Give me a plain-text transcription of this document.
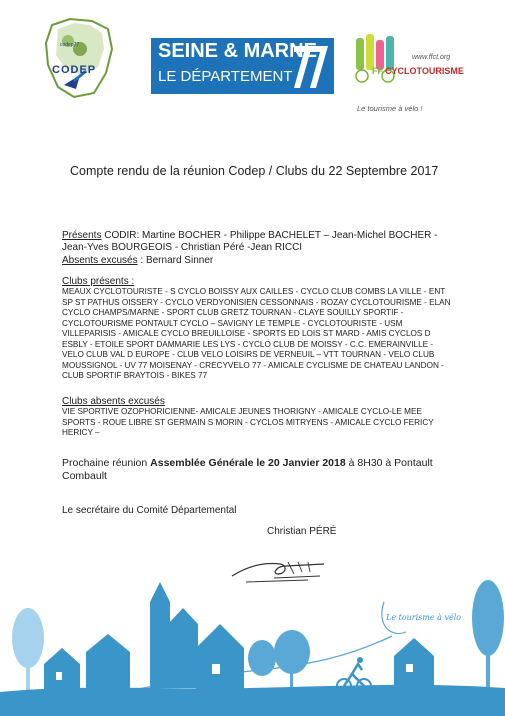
codep77
CODEP
SEINE & MARNE
LE DÉPARTEMENT
www.ffct.org
FF CYCLOTOURISME
Le tourisme à vélo !
Compte rendu de la réunion Codep / Clubs du 22 Septembre 2017
Présents CODIR: Martine BOCHER - Philippe BACHELET – Jean-Michel BOCHER - Jean-Yves BOURGEOIS - Christian Péré -Jean RICCI
Absents excusés : Bernard Sinner
Clubs présents :
MEAUX CYCLOTOURISTE - S CYCLO BOISSY AUX CAILLES - CYCLO CLUB COMBS LA VILLE - ENT SP ST PATHUS OISSERY - CYCLO VERDYONISIEN CESSONNAIS - ROZAY CYCLOTOURISME - ELAN CYCLO CHAMPS/MARNE - SPORT CLUB GRETZ TOURNAN - CLAYE SOUILLY SPORTIF - CYCLOTOURISME PONTAULT CYCLO – SAVIGNY LE TEMPLE - CYCLOTOURISTE - USM VILLEPARISIS - AMICALE CYCLO BREUILLOISE - SPORTS ED LOIS ST MARD - AMIS CYCLOS D ESBLY - ETOILE SPORT DAMMARIE LES LYS - CYCLO CLUB DE MOISSY - C.C. EMERAINVILLE - VELO CLUB VAL D EUROPE - CLUB VELO LOISIRS DE VERNEUIL – VTT TOURNAN - VELO CLUB MOUSSIGNOL - UV 77 MOISENAY - CRECYVELO 77 - AMICALE CYCLISME DE CHATEAU LANDON - CLUB SPORTIF BRAYTOIS - BIKES 77
Clubs absents excusés
VIE SPORTIVE OZOPHORICIENNE- AMICALE JEUNES THORIGNY - AMICALE CYCLO-LE MEE SPORTS - ROUE LIBRE ST GERMAIN S MORIN - CYCLOS MITRYENS - AMICALE CYCLO FERICY HERICY –
Prochaine réunion Assemblée Générale le 20 Janvier 2018 à 8H30 à Pontault Combault
Le secrétaire du Comité Départemental
Christian PÉRÉ
Le tourisme à vélo
